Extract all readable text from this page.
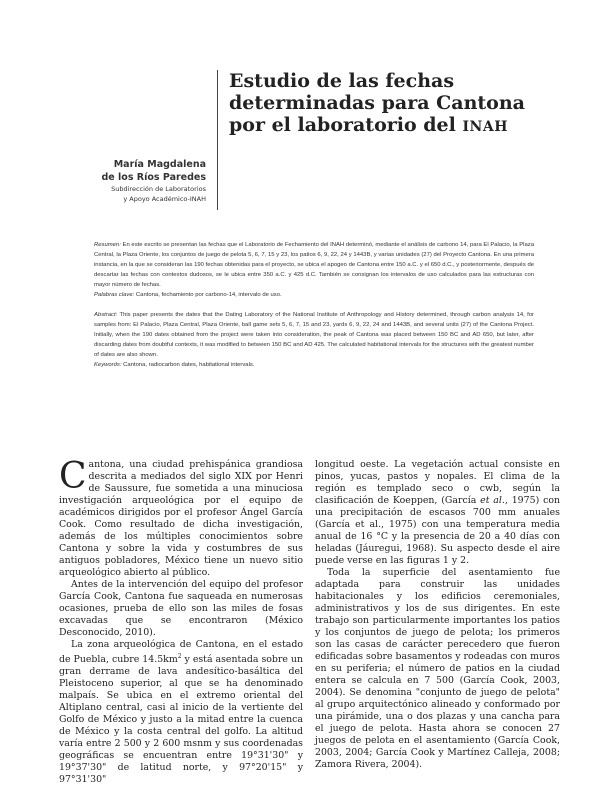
Estudio de las fechas
determinadas para Cantona
por el laboratorio del INAH
María Magdalena
de los Ríos Paredes
Subdirección de Laboratorios
y Apoyo Académico-INAH

Resumen: En este escrito se presentan las fechas que el Laboratorio de Fechamiento del INAH determinó, mediante el análisis de carbono 14, para El Palacio, la Plaza Central, la Plaza Oriente, los conjuntos de juego de pelota 5, 6, 7, 15 y 23, los patios 6, 9, 22, 24 y 1443B, y varias unidades (27) del Proyecto Cantona. En una primera instancia, en la que se consideran las 190 fechas obtenidas para el proyecto, se ubica el apogeo de Cantona entre 150 a.C. y el 650 d.C., y posteriormente, después de descartar las fechas con contextos dudosos, se le ubica entre 350 a.C. y 425 d.C. También se consignan los intervalos de uso calculados para las estructuras con mayor número de fechas.

Palabras clave: Cantona, fechamiento por carbono-14, intervalo de uso.

Abstract: This paper presents the dates that the Dating Laboratory of the National Institute of Anthropology and History determined, through carbon analysis 14, for samples from: El Palacio, Plaza Central, Plaza Oriente, ball game sets 5, 6, 7, 15 and 23, yards 6, 9, 22, 24 and 1443B, and several units (27) of the Cantona Project. Initially, when the 190 dates obtained from the project were taken into consideration, the peak of Cantona was placed between 150 BC and AD 650, but later, after discarding dates from doubtful contexts, it was modified to between 150 BC and AD 425. The calculated habitational intervals for the structures with the greatest number of dates are also shown.

Keywords: Cantona, radiocarbon dates, habitational intervals.

Cantona, una ciudad prehispánica grandiosa descrita a mediados del siglo XIX por Henri de Saussure, fue sometida a una minuciosa investigación arqueológica por el equipo de académicos dirigidos por el profesor Ángel García Cook. Como resultado de dicha investigación, además de los múltiples conocimientos sobre Cantona y sobre la vida y costumbres de sus antiguos pobladores, México tiene un nuevo sitio arqueológico abierto al público.

Antes de la intervención del equipo del profesor García Cook, Cantona fue saqueada en numerosas ocasiones, prueba de ello son las miles de fosas excavadas que se encontraron (México Desconocido, 2010).

La zona arqueológica de Cantona, en el estado de Puebla, cubre $14.5km^2$ y está asentada sobre un gran derrame de lava andesítico-basáltica del Pleistoceno superior, al que se ha denominado malpaís. Se ubica en el extremo oriental del Altiplano central, casi al inicio de la vertiente del Golfo de México y justo a la mitad entre la cuenca de México y la costa central del golfo. La altitud varía entre 2 500 y 2 600 msnm y sus coordenadas geográficas se encuentran entre 19°31'30" y 19°37'30" de latitud norte, y 97°20'15" y 97°31'30"

longitud oeste. La vegetación actual consiste en pinos, yucas, pastos y nopales. El clima de la región es templado seco o cwb, según la clasificación de Koeppen, (García et al., 1975) con una precipitación de escasos 700 mm anuales (García et al., 1975) con una temperatura media anual de 16 °C y la presencia de 20 a 40 días con heladas (Jáuregui, 1968). Su aspecto desde el aire puede verse en las figuras 1 y 2.

Toda la superficie del asentamiento fue adaptada para construir las unidades habitacionales y los edificios ceremoniales, administrativos y los de sus dirigentes. En este trabajo son particularmente importantes los patios y los conjuntos de juego de pelota; los primeros son las casas de carácter perecedero que fueron edificadas sobre basamentos y rodeadas con muros en su periferia; el número de patios en la ciudad entera se calcula en 7 500 (García Cook, 2003, 2004). Se denomina "conjunto de juego de pelota" al grupo arquitectónico alineado y conformado por una pirámide, una o dos plazas y una cancha para el juego de pelota. Hasta ahora se conocen 27 juegos de pelota en el asentamiento (García Cook, 2003, 2004; García Cook y Martínez Calleja, 2008; Zamora Rivera, 2004).
